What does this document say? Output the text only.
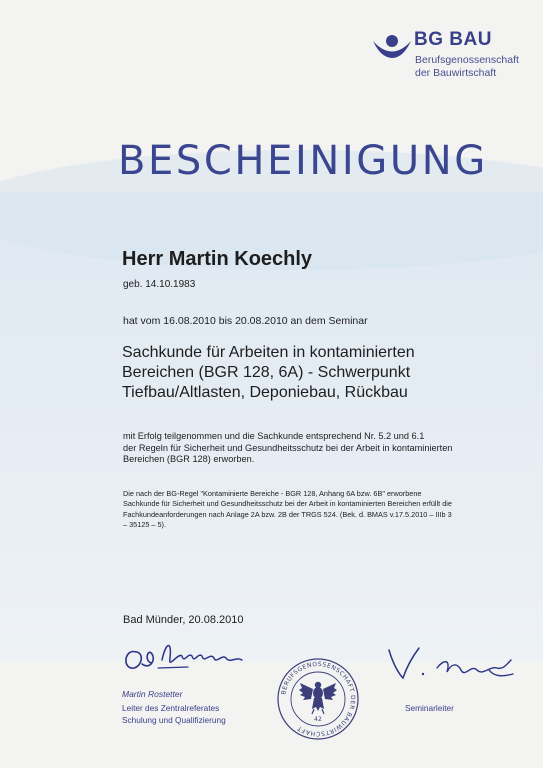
BG BAU
Berufsgenossenschaft
der Bauwirtschaft
BESCHEINIGUNG
Herr Martin Koechly
geb. 14.10.1983
hat vom 16.08.2010 bis 20.08.2010 an dem Seminar
Sachkunde für Arbeiten in kontaminierten
Bereichen (BGR 128, 6A) - Schwerpunkt
Tiefbau/Altlasten, Deponiebau, Rückbau
mit Erfolg teilgenommen und die Sachkunde entsprechend Nr. 5.2 und 6.1
der Regeln für Sicherheit und Gesundheitsschutz bei der Arbeit in kontaminierten
Bereichen (BGR 128) erworben.
Die nach der BG-Regel "Kontaminierte Bereiche - BGR 128, Anhang 6A bzw. 6B" erworbene
Sachkunde für Sicherheit und Gesundheitsschutz bei der Arbeit in kontaminierten Bereichen erfüllt die
Fachkundeanforderungen nach Anlage 2A bzw. 2B der TRGS 524. (Bek. d. BMAS v.17.5.2010 – IIIb 3
– 35125 – 5).
Bad Münder, 20.08.2010
Martin Rostetter
Leiter des Zentralreferates
Schulung und Qualifizierung
Seminarleiter
BERUFSGENOSSENSCHAFT DER BAUWIRTSCHAFT
42
